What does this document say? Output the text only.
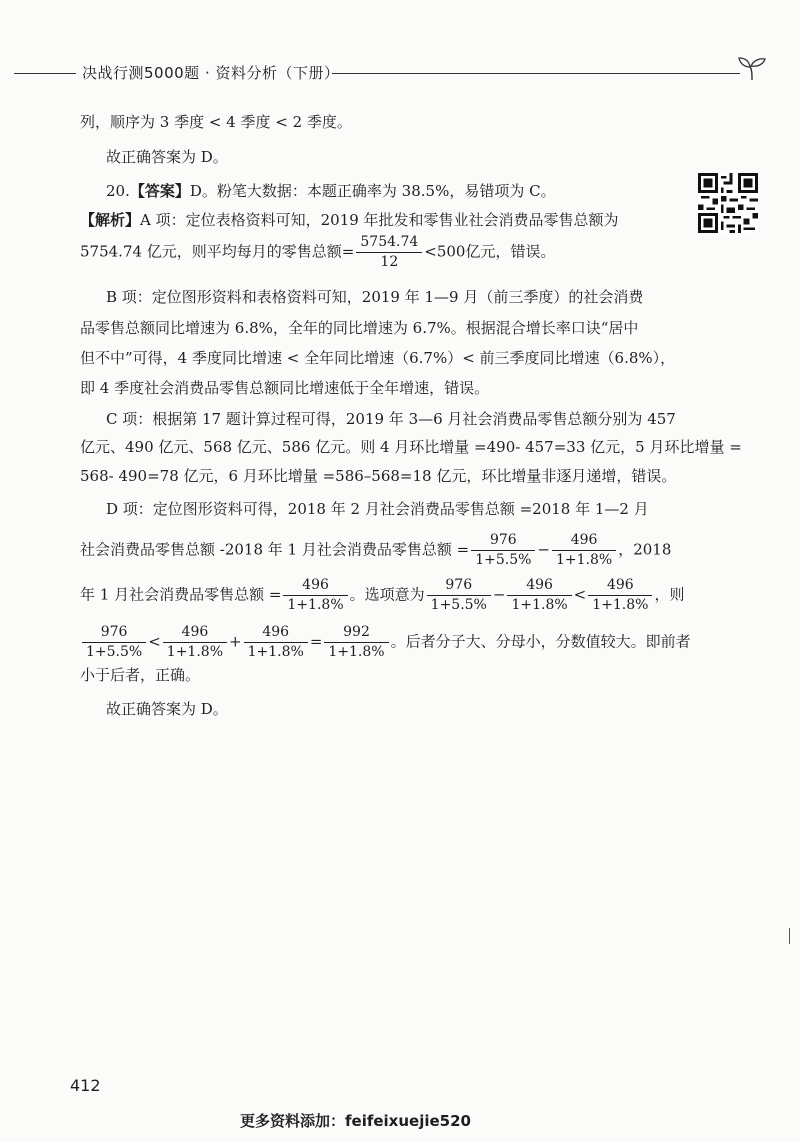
决战行测5000题 · 资料分析（下册）
列，顺序为 3 季度 < 4 季度 < 2 季度。
故正确答案为 D。
20.【答案】D。粉笔大数据：本题正确率为 38.5%，易错项为 C。
【解析】A 项：定位表格资料可知，2019 年批发和零售业社会消费品零售总额为
5754.74 亿元，则平均每月的零售总额= $\frac{5754.74}{12} <500$亿元，错误。
B 项：定位图形资料和表格资料可知，2019 年 1—9 月（前三季度）的社会消费
品零售总额同比增速为 6.8%，全年的同比增速为 6.7%。根据混合增长率口诀“居中
但不中”可得，4 季度同比增速 < 全年同比增速（6.7%）< 前三季度同比增速（6.8%），
即 4 季度社会消费品零售总额同比增速低于全年增速，错误。
C 项：根据第 17 题计算过程可得，2019 年 3—6 月社会消费品零售总额分别为 457
亿元、490 亿元、568 亿元、586 亿元。则 4 月环比增量 =490- 457=33 亿元，5 月环比增量 =
568- 490=78 亿元，6 月环比增量 =586–568=18 亿元，环比增量非逐月递增，错误。
D 项：定位图形资料可得，2018 年 2 月社会消费品零售总额 =2018 年 1—2 月
社会消费品零售总额 -2018 年 1 月社会消费品零售总额 = $\frac{976}{1+5.5\%} - \frac{496}{1+1.8\%}$ ，2018
年 1 月社会消费品零售总额 = $\frac{496}{1+1.8\%}$ 。选项意为 $\frac{976}{1+5.5\%} - \frac{496}{1+1.8\%} < \frac{496}{1+1.8\%}$ ，则
$\frac{976}{1+5.5\%} < \frac{496}{1+1.8\%} + \frac{496}{1+1.8\%} = \frac{992}{1+1.8\%}$ 。后者分子大、分母小，分数值较大。即前者
小于后者，正确。
故正确答案为 D。
412
更多资料添加：feifeixuejie520
